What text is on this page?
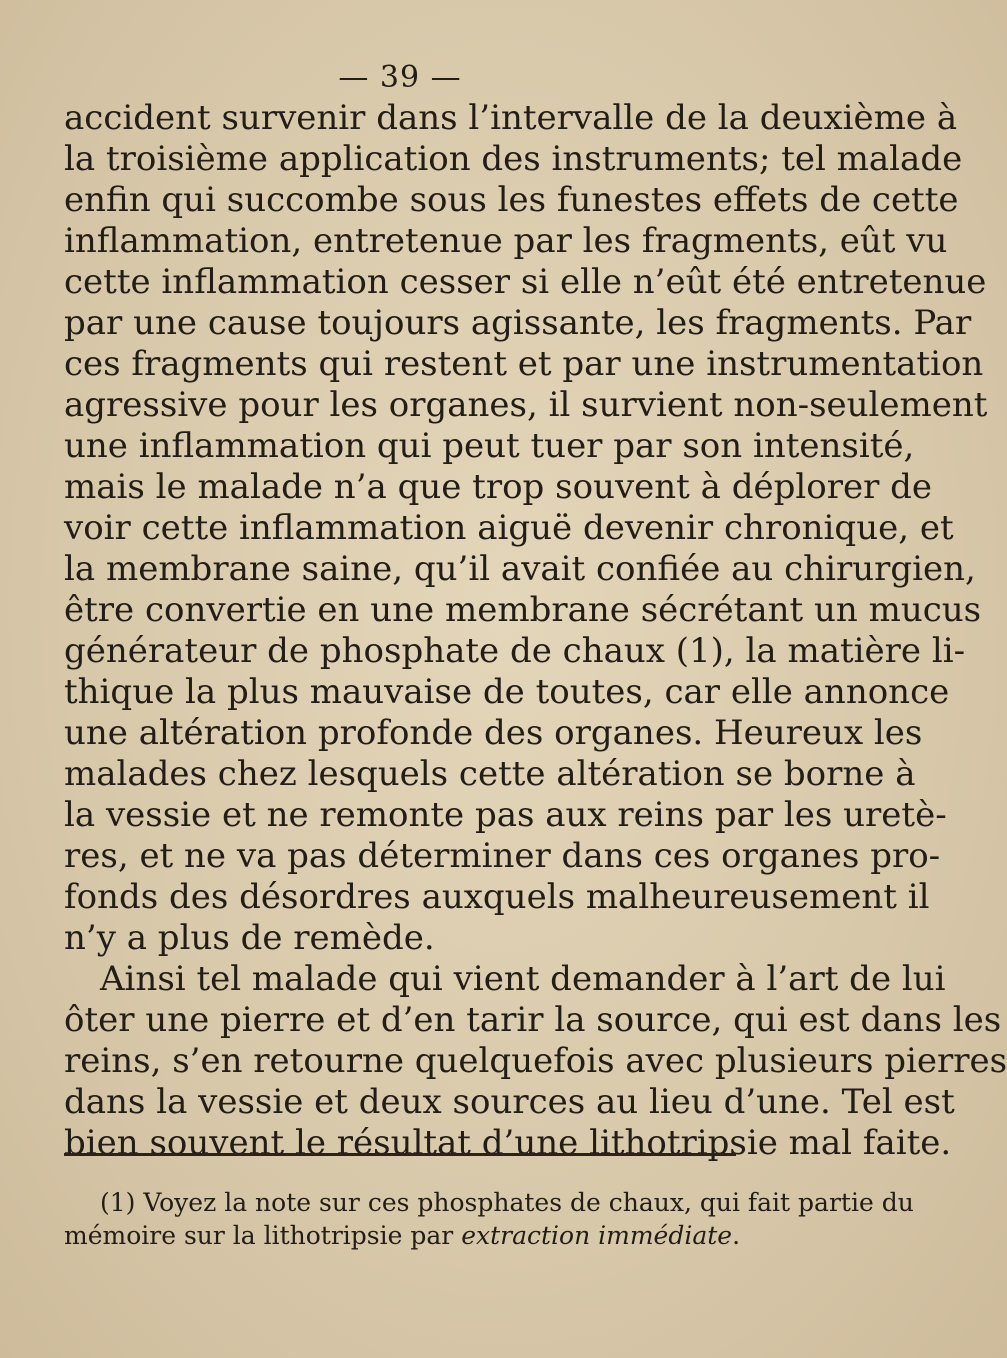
— 39 —
accident survenir dans l’intervalle de la deuxième à
la troisième application des instruments; tel malade
enfin qui succombe sous les funestes effets de cette
inflammation, entretenue par les fragments, eût vu
cette inflammation cesser si elle n’eût été entretenue
par une cause toujours agissante, les fragments. Par
ces fragments qui restent et par une instrumentation
agressive pour les organes, il survient non-seulement
une inflammation qui peut tuer par son intensité,
mais le malade n’a que trop souvent à déplorer de
voir cette inflammation aiguë devenir chronique, et
la membrane saine, qu’il avait confiée au chirurgien,
être convertie en une membrane sécrétant un mucus
générateur de phosphate de chaux (1), la matière li-
thique la plus mauvaise de toutes, car elle annonce
une altération profonde des organes. Heureux les
malades chez lesquels cette altération se borne à
la vessie et ne remonte pas aux reins par les uretè-
res, et ne va pas déterminer dans ces organes pro-
fonds des désordres auxquels malheureusement il
n’y a plus de remède.
Ainsi tel malade qui vient demander à l’art de lui
ôter une pierre et d’en tarir la source, qui est dans les
reins, s’en retourne quelquefois avec plusieurs pierres
dans la vessie et deux sources au lieu d’une. Tel est
bien souvent le résultat d’une lithotripsie mal faite.
(1) Voyez la note sur ces phosphates de chaux, qui fait partie du
mémoire sur la lithotripsie par extraction immédiate.
